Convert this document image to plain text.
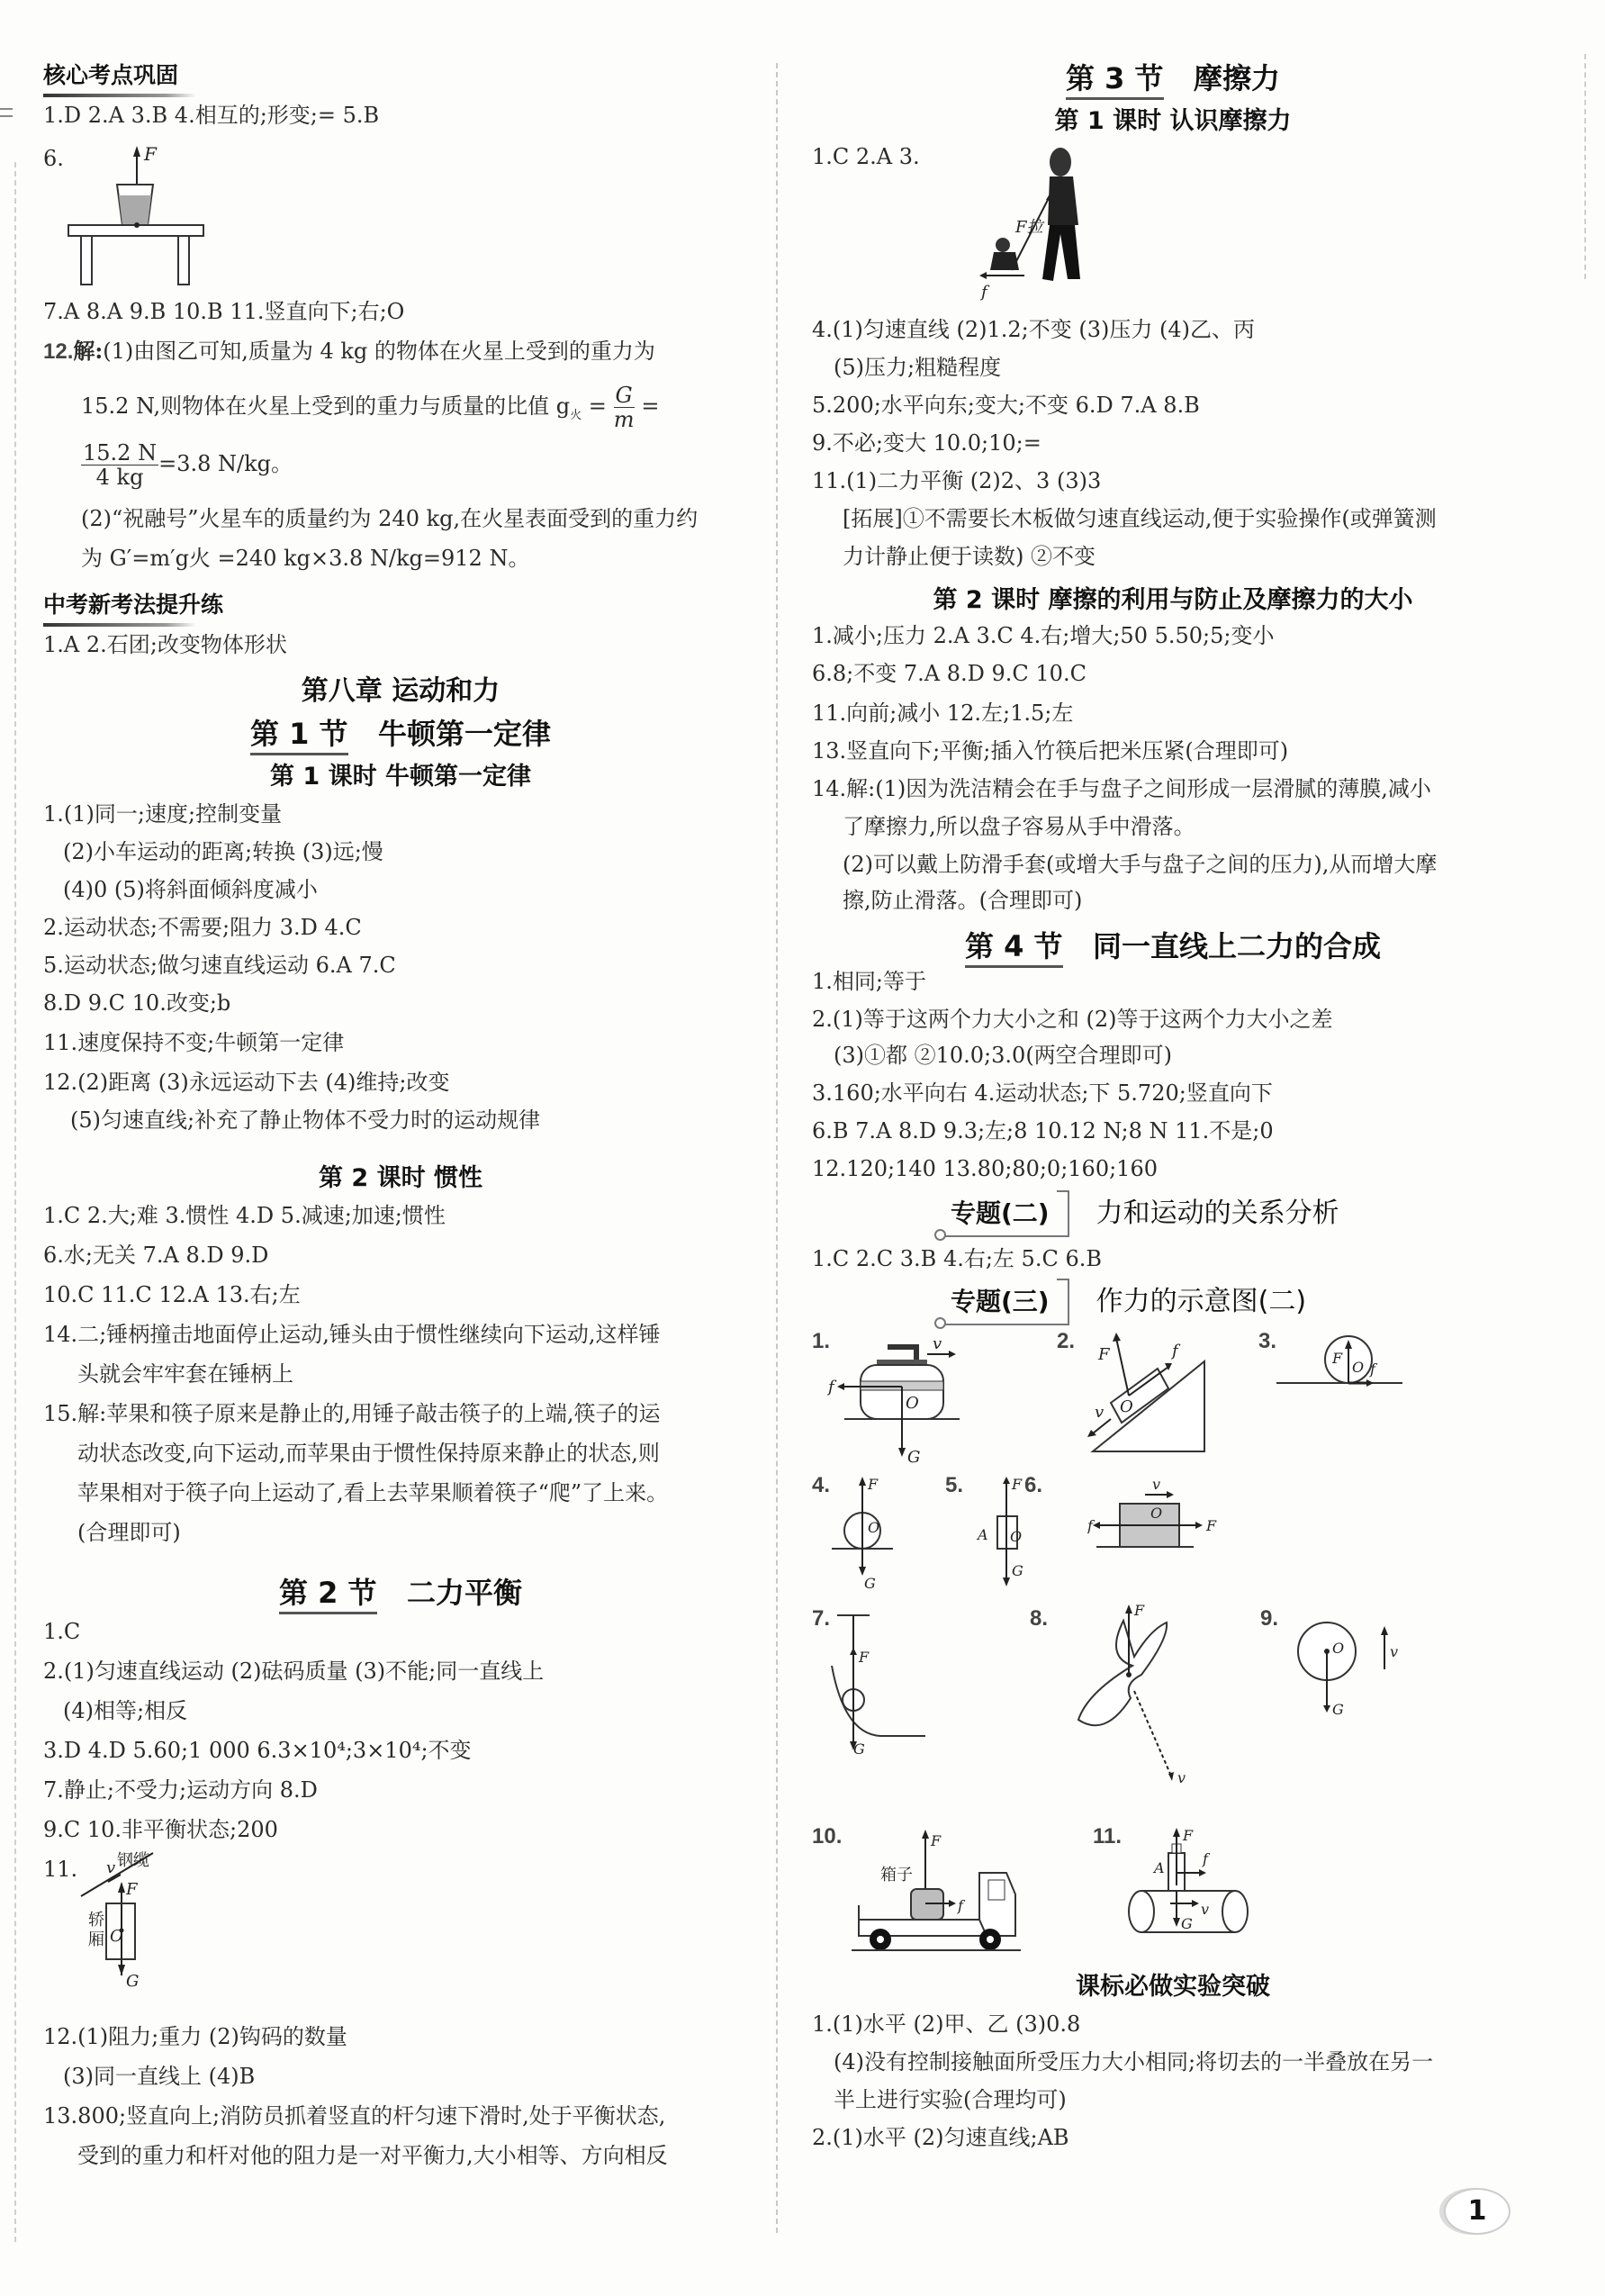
核心考点巩固
1.D 2.A 3.B 4.相互的;形变;= 5.B
6.	F
7.A 8.A 9.B 10.B 11.竖直向下;右;O
12.解:(1)由图乙可知,质量为 4 kg 的物体在火星上受到的重力为
15.2 N,则物体在火星上受到的重力与质量的比值 $g_火 = \frac{G}{m}$ =
$\frac{15.2 N}{4 kg} =3.8$ N/kg。
(2)“祝融号”火星车的质量约为 240 kg,在火星表面受到的重力约
为 G′=m′g火 =240 kg×3.8 N/kg=912 N。
中考新考法提升练
1.A 2.石团;改变物体形状
第八章 运动和力
第 1 节 牛顿第一定律
第 1 课时 牛顿第一定律
1.(1)同一;速度;控制变量
(2)小车运动的距离;转换 (3)远;慢
(4)0 (5)将斜面倾斜度减小
2.运动状态;不需要;阻力 3.D 4.C
5.运动状态;做匀速直线运动 6.A 7.C
8.D 9.C 10.改变;b
11.速度保持不变;牛顿第一定律
12.(2)距离 (3)永远运动下去 (4)维持;改变
(5)匀速直线;补充了静止物体不受力时的运动规律
第 2 课时 惯性
1.C 2.大;难 3.惯性 4.D 5.减速;加速;惯性
6.水;无关 7.A 8.D 9.D
10.C 11.C 12.A 13.右;左
14.二;锤柄撞击地面停止运动,锤头由于惯性继续向下运动,这样锤
头就会牢牢套在锤柄上
15.解:苹果和筷子原来是静止的,用锤子敲击筷子的上端,筷子的运
动状态改变,向下运动,而苹果由于惯性保持原来静止的状态,则
苹果相对于筷子向上运动了,看上去苹果顺着筷子“爬”了上来。
(合理即可)
第 2 节 二力平衡
1.C
2.(1)匀速直线运动 (2)砝码质量 (3)不能;同一直线上
(4)相等;相反
3.D 4.D 5.60;1 000 6.3×10⁴;3×10⁴;不变
7.静止;不受力;运动方向 8.D
9.C 10.非平衡状态;200
11. 钢缆
v
F
O
轿
厢
G
12.(1)阻力;重力 (2)钩码的数量
(3)同一直线上 (4)B
13.800;竖直向上;消防员抓着竖直的杆匀速下滑时,处于平衡状态,
受到的重力和杆对他的阻力是一对平衡力,大小相等、方向相反
第 3 节 摩擦力
第 1 课时 认识摩擦力
1.C 2.A 3.
F拉
f
4.(1)匀速直线 (2)1.2;不变 (3)压力 (4)乙、丙
(5)压力;粗糙程度
5.200;水平向东;变大;不变 6.D 7.A 8.B
9.不必;变大 10.0;10;=
11.(1)二力平衡 (2)2、3 (3)3
[拓展]①不需要长木板做匀速直线运动,便于实验操作(或弹簧测
力计静止便于读数) ②不变
第 2 课时 摩擦的利用与防止及摩擦力的大小
1.减小;压力 2.A 3.C 4.右;增大;50 5.50;5;变小
6.8;不变 7.A 8.D 9.C 10.C
11.向前;减小 12.左;1.5;左
13.竖直向下;平衡;插入竹筷后把米压紧(合理即可)
14.解:(1)因为洗洁精会在手与盘子之间形成一层滑腻的薄膜,减小
了摩擦力,所以盘子容易从手中滑落。
(2)可以戴上防滑手套(或增大手与盘子之间的压力),从而增大摩
擦,防止滑落。(合理即可)
第 4 节 同一直线上二力的合成
1.相同;等于
2.(1)等于这两个力大小之和 (2)等于这两个力大小之差
(3)①都 ②10.0;3.0(两空合理即可)
3.160;水平向右 4.运动状态;下 5.720;竖直向下
6.B 7.A 8.D 9.3;左;8 10.12 N;8 N 11.不是;0
12.120;140 13.80;80;0;160;160
专题(二) 力和运动的关系分析
1.C 2.C 3.B 4.右;左 5.C 6.B
专题(三) 作力的示意图(二)
1.	v
f
G
O
2.
F	f
O
v
3.
F
O f
4.	F
O
G
5.	F
A O
G
6.	v
f
O
F
7.
F
G
8.	F
v
9.
O
G
v
10.
箱子
F
f
11.	F
f
A
G
v
课标必做实验突破
1.(1)水平 (2)甲、乙 (3)0.8
(4)没有控制接触面所受压力大小相同;将切去的一半叠放在另一
半上进行实验(合理均可)
2.(1)水平 (2)匀速直线;AB
1
